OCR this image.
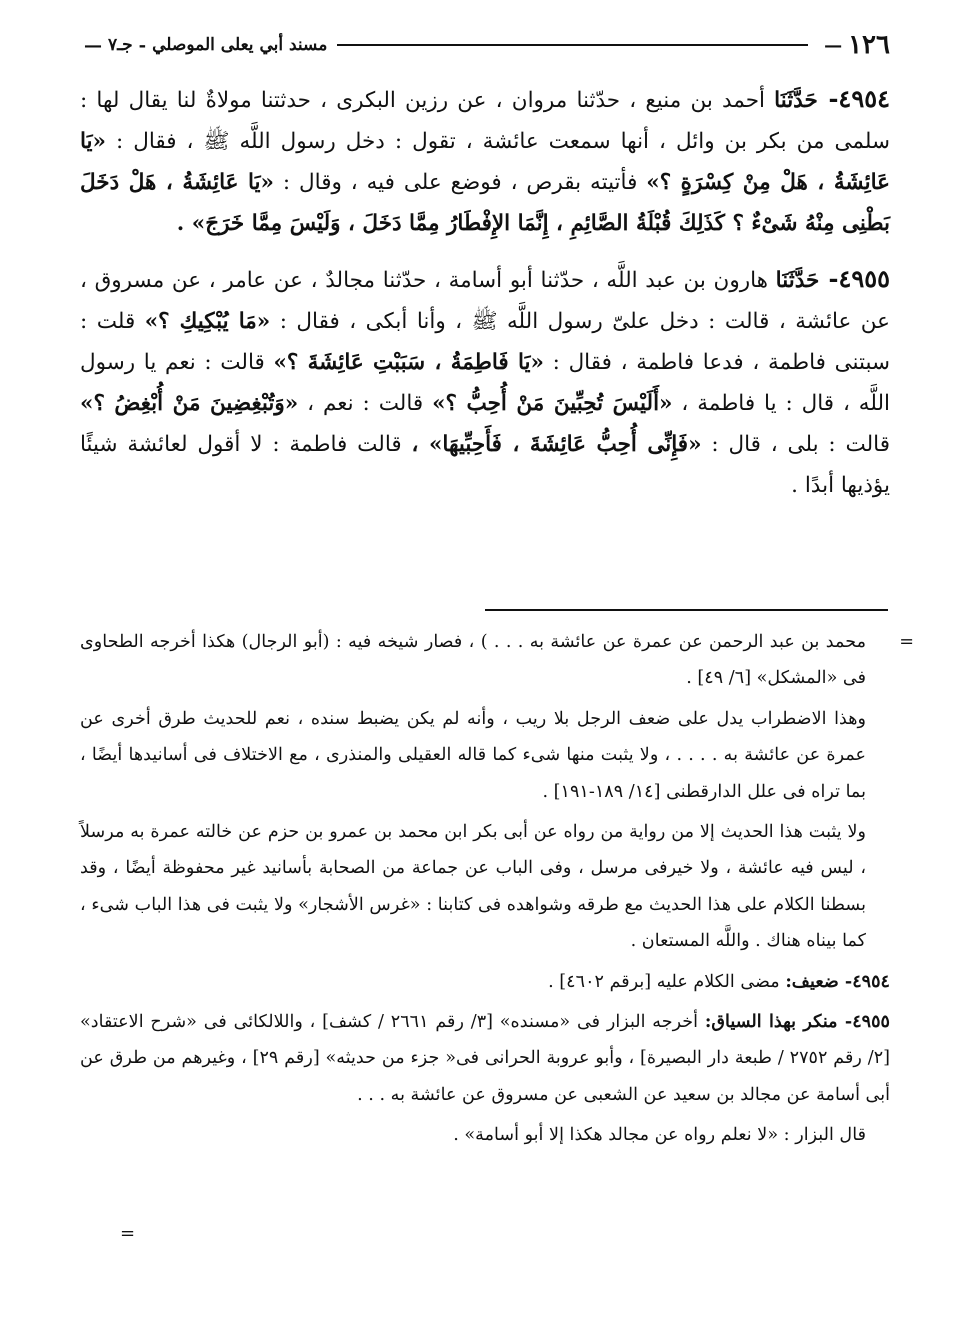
١٢٦
—
مسند أبي يعلى الموصلي
-
جـ٧
—

٤٩٥٤- حَدَّثَنَا أحمد بن منيع ، حدّثنا مروان ، عن رزين البكرى ، حدثتنا مولاةٌ لنا يقال لها : سلمى من بكر بن وائل ، أنها سمعت عائشة ، تقول : دخل رسول اللَّه ﷺ ، فقال : «يَا عَائِشَةُ ، هَلْ مِنْ كِسْرَةٍ ؟» فأتيته بقرص ، فوضع على فيه ، وقال : «يَا عَائِشَةُ ، هَلْ دَخَلَ بَطْنِى مِنْهُ شَىْءٌ ؟ كَذَلِكَ قُبْلَةُ الصَّائِمِ ، إِنَّمَا الإِفْطَارُ مِمَّا دَخَلَ ، وَلَيْسَ مِمَّا خَرَجَ» .

٤٩٥٥- حَدَّثَنَا هارون بن عبد اللَّه ، حدّثنا أبو أسامة ، حدّثنا مجالدٌ ، عن عامر ، عن مسروق ، عن عائشة ، قالت : دخل علىّ رسول اللَّه ﷺ ، وأنا أبكى ، فقال : «مَا يُبْكِيكِ ؟» قلت : سبتنى فاطمة ، فدعا فاطمة ، فقال : «يَا فَاطِمَةُ ، سَبَبْتِ عَائِشَةَ ؟» قالت : نعم يا رسول اللَّه ، قال : يا فاطمة ، «أَلَيْسَ تُحِبِّينَ مَنْ أُحِبُّ ؟» قالت : نعم ، «وَتُبْغِضِينَ مَنْ أُبْغِضُ ؟» قالت : بلى ، قال : «فَإِنِّى أُحِبُّ عَائِشَةَ ، فَأَحِبِّيهَا» ، قالت فاطمة : لا أقول لعائشة شيئًا يؤذيها أبدًا .

=
محمد بن عبد الرحمن عن عمرة عن عائشة به . . . ) ، فصار شيخه فيه : (أبو الرجال) هكذا أخرجه الطحاوى فى «المشكل» [٦/ ٤٩] .

وهذا الاضطراب يدل على ضعف الرجل بلا ريب ، وأنه لم يكن يضبط سنده ، نعم للحديث طرق أخرى عن عمرة عن عائشة به . . . . ، ولا يثبت منها شىء كما قاله العقيلى والمنذرى ، مع الاختلاف فى أسانيدها أيضًا ، بما تراه فى علل الدارقطنى [١٤/ ١٨٩-١٩١] .

ولا يثبت هذا الحديث إلا من رواية من رواه عن أبى بكر ابن محمد بن عمرو بن حزم عن خالته عمرة به مرسلاً ، ليس فيه عائشة ، ولا خيرفى مرسل ، وفى الباب عن جماعة من الصحابة بأسانيد غير محفوظة أيضًا ، وقد بسطنا الكلام على هذا الحديث مع طرقه وشواهده فى كتابنا : «غرس الأشجار» ولا يثبت فى هذا الباب شىء ، كما بيناه هناك . واللَّه المستعان .

٤٩٥٤- ضعيف: مضى الكلام عليه [برقم ٤٦٠٢] .

٤٩٥٥- منكر بهذا السياق: أخرجه البزار فى «مسنده» [٣/ رقم ٢٦٦١ / كشف] ، واللالكائى فى «شرح الاعتقاد» [٢/ رقم ٢٧٥٢ / طبعة دار البصيرة] ، وأبو عروبة الحرانى فى« جزء من حديثه» [رقم ٢٩] ، وغيرهم من طرق عن أبى أسامة عن مجالد بن سعيد عن الشعبى عن مسروق عن عائشة به . . .

قال البزار : «لا نعلم رواه عن مجالد هكذا إلا أبو أسامة» .

=
